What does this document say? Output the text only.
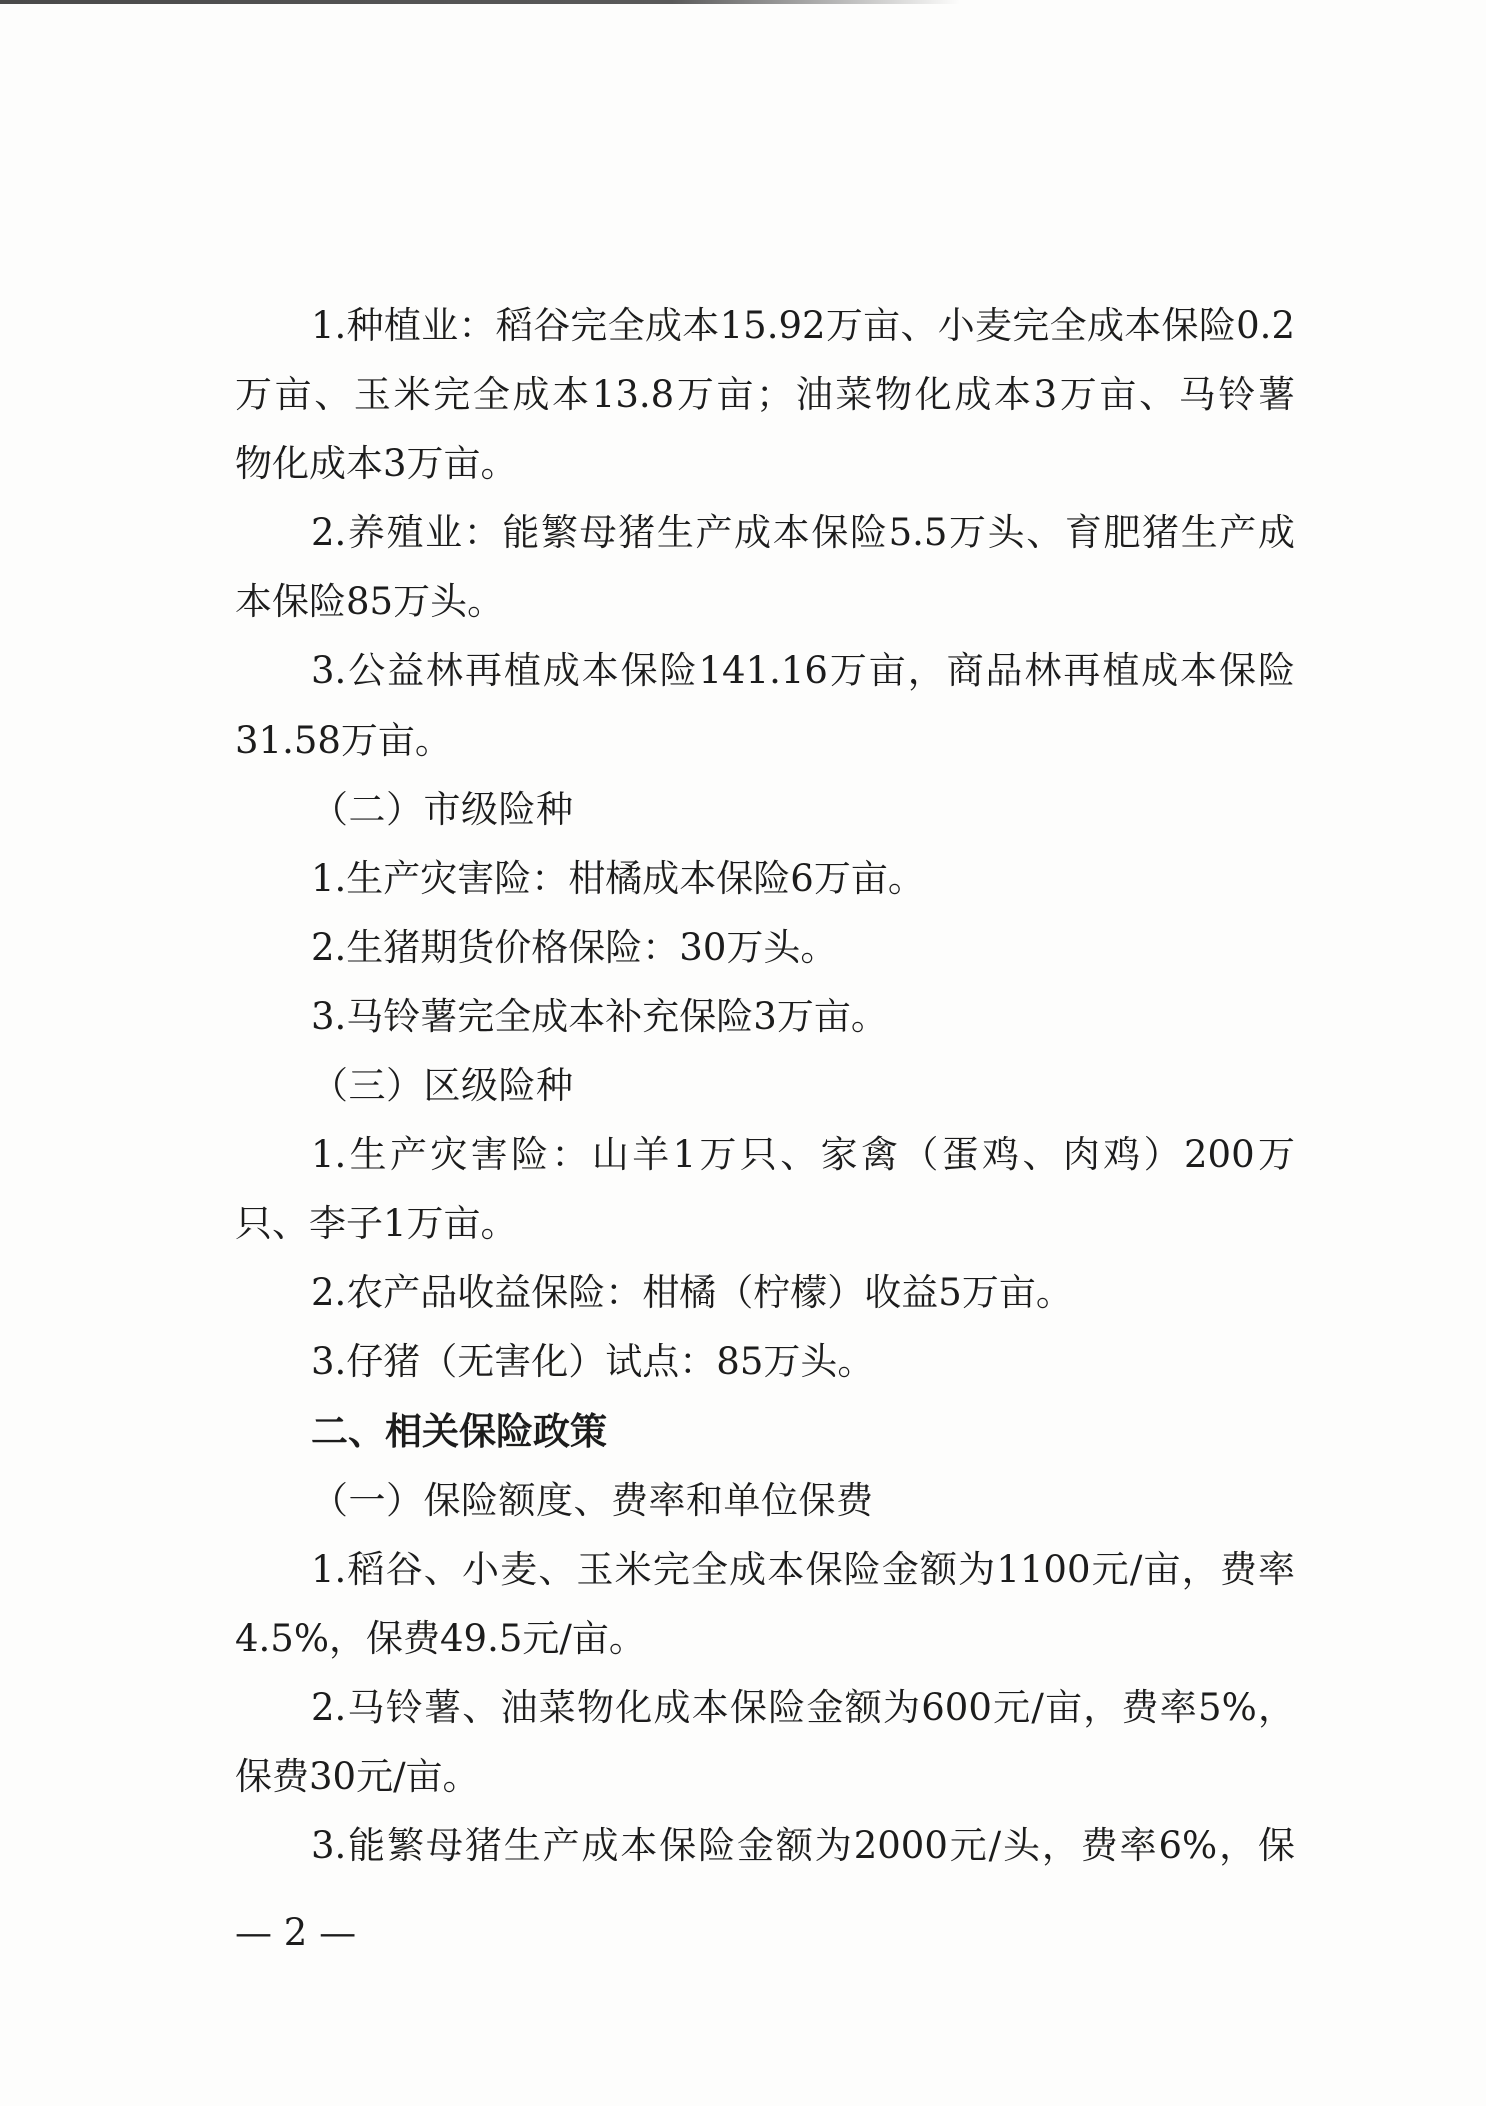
1.种植业：稻谷完全成本15.92万亩、小麦完全成本保险0.2
万亩、玉米完全成本13.8万亩；油菜物化成本3万亩、马铃薯
物化成本3万亩。
2.养殖业：能繁母猪生产成本保险5.5万头、育肥猪生产成
本保险85万头。
3.公益林再植成本保险141.16万亩，商品林再植成本保险
31.58万亩。
（二）市级险种
1.生产灾害险：柑橘成本保险6万亩。
2.生猪期货价格保险：30万头。
3.马铃薯完全成本补充保险3万亩。
（三）区级险种
1.生产灾害险：山羊1万只、家禽（蛋鸡、肉鸡）200万
只、李子1万亩。
2.农产品收益保险：柑橘（柠檬）收益5万亩。
3.仔猪（无害化）试点：85万头。
二、相关保险政策
（一）保险额度、费率和单位保费
1.稻谷、小麦、玉米完全成本保险金额为1100元/亩，费率
4.5%，保费49.5元/亩。
2.马铃薯、油菜物化成本保险金额为600元/亩，费率5%，
保费30元/亩。
3.能繁母猪生产成本保险金额为2000元/头，费率6%，保
— 2 —
